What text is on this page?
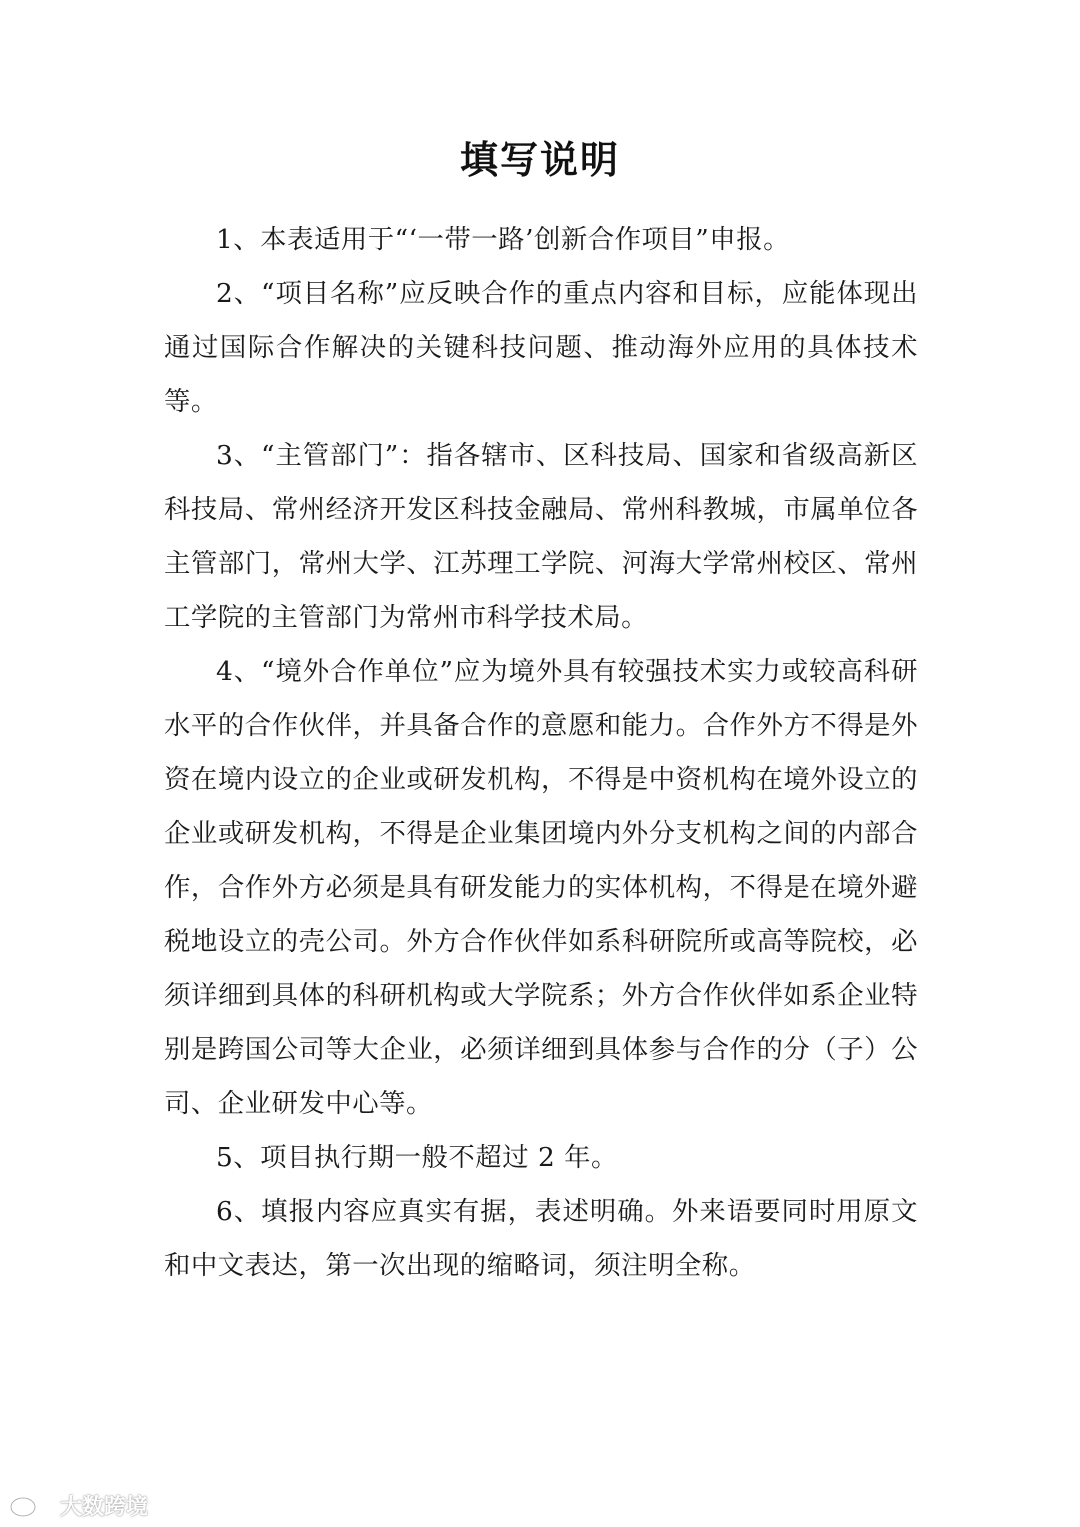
填写说明

1、本表适用于“‘一带一路’创新合作项目”申报。

2、“项目名称”应反映合作的重点内容和目标，应能体现出通过国际合作解决的关键科技问题、推动海外应用的具体技术等。

3、“主管部门”：指各辖市、区科技局、国家和省级高新区科技局、常州经济开发区科技金融局、常州科教城，市属单位各主管部门，常州大学、江苏理工学院、河海大学常州校区、常州工学院的主管部门为常州市科学技术局。

4、“境外合作单位”应为境外具有较强技术实力或较高科研水平的合作伙伴，并具备合作的意愿和能力。合作外方不得是外资在境内设立的企业或研发机构，不得是中资机构在境外设立的企业或研发机构，不得是企业集团境内外分支机构之间的内部合作，合作外方必须是具有研发能力的实体机构，不得是在境外避税地设立的壳公司。外方合作伙伴如系科研院所或高等院校，必须详细到具体的科研机构或大学院系；外方合作伙伴如系企业特别是跨国公司等大企业，必须详细到具体参与合作的分（子）公司、企业研发中心等。

5、项目执行期一般不超过 2 年。

6、填报内容应真实有据，表述明确。外来语要同时用原文和中文表达，第一次出现的缩略词，须注明全称。

大数跨境
